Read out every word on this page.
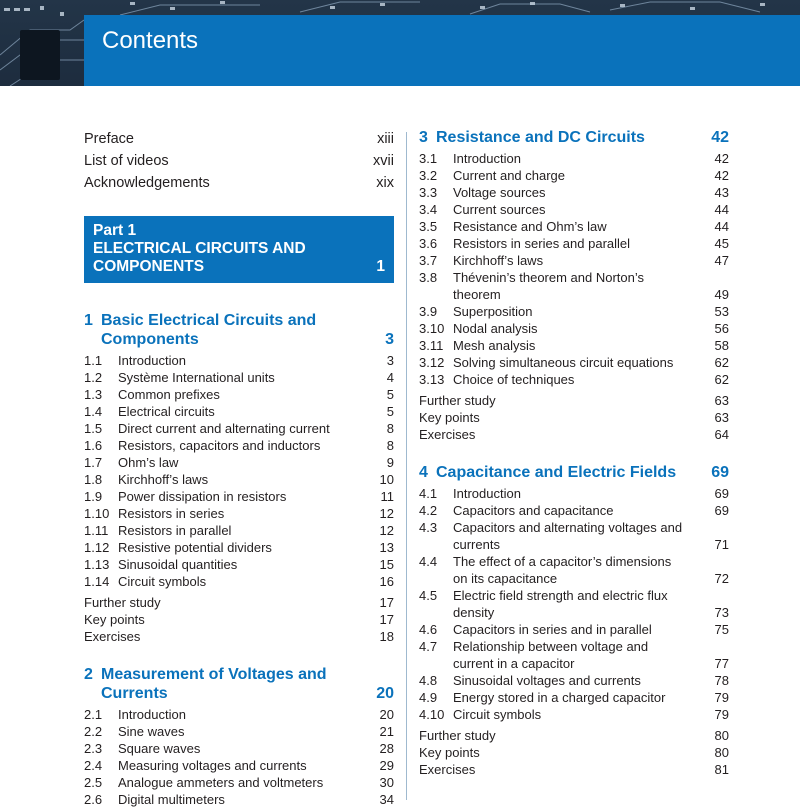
Contents
Preface	xiii
List of videos	xvii
Acknowledgements	xix
Part 1
ELECTRICAL CIRCUITS AND
COMPONENTS	1
1 Basic Electrical Circuits and
Components	3
1.1	Introduction	3
1.2	Système International units	4
1.3	Common prefixes	5
1.4	Electrical circuits	5
1.5	Direct current and alternating current	8
1.6	Resistors, capacitors and inductors	8
1.7	Ohm’s law	9
1.8	Kirchhoff’s laws	10
1.9	Power dissipation in resistors	11
1.10 Resistors in series	12
1.11 Resistors in parallel	12
1.12 Resistive potential dividers	13
1.13 Sinusoidal quantities	15
1.14 Circuit symbols	16
Further study	17
Key points	17
Exercises	18
2 Measurement of Voltages and
Currents	20
2.1	Introduction	20
2.2	Sine waves	21
2.3	Square waves	28
2.4	Measuring voltages and currents	29
2.5	Analogue ammeters and voltmeters	30
2.6	Digital multimeters	34
3 Resistance and DC Circuits	42
3.1	Introduction	42
3.2	Current and charge	42
3.3	Voltage sources	43
3.4	Current sources	44
3.5	Resistance and Ohm’s law	44
3.6	Resistors in series and parallel	45
3.7	Kirchhoff’s laws	47
3.8	Thévenin’s theorem and Norton’s
theorem	49
3.9	Superposition	53
3.10 Nodal analysis	56
3.11 Mesh analysis	58
3.12 Solving simultaneous circuit equations	62
3.13 Choice of techniques	62
Further study	63
Key points	63
Exercises	64
4 Capacitance and Electric Fields	69
4.1	Introduction	69
4.2	Capacitors and capacitance	69
4.3	Capacitors and alternating voltages and
currents	71
4.4	The effect of a capacitor’s dimensions
on its capacitance	72
4.5	Electric field strength and electric flux
density	73
4.6	Capacitors in series and in parallel	75
4.7	Relationship between voltage and
current in a capacitor	77
4.8	Sinusoidal voltages and currents	78
4.9	Energy stored in a charged capacitor	79
4.10 Circuit symbols	79
Further study	80
Key points	80
Exercises	81
